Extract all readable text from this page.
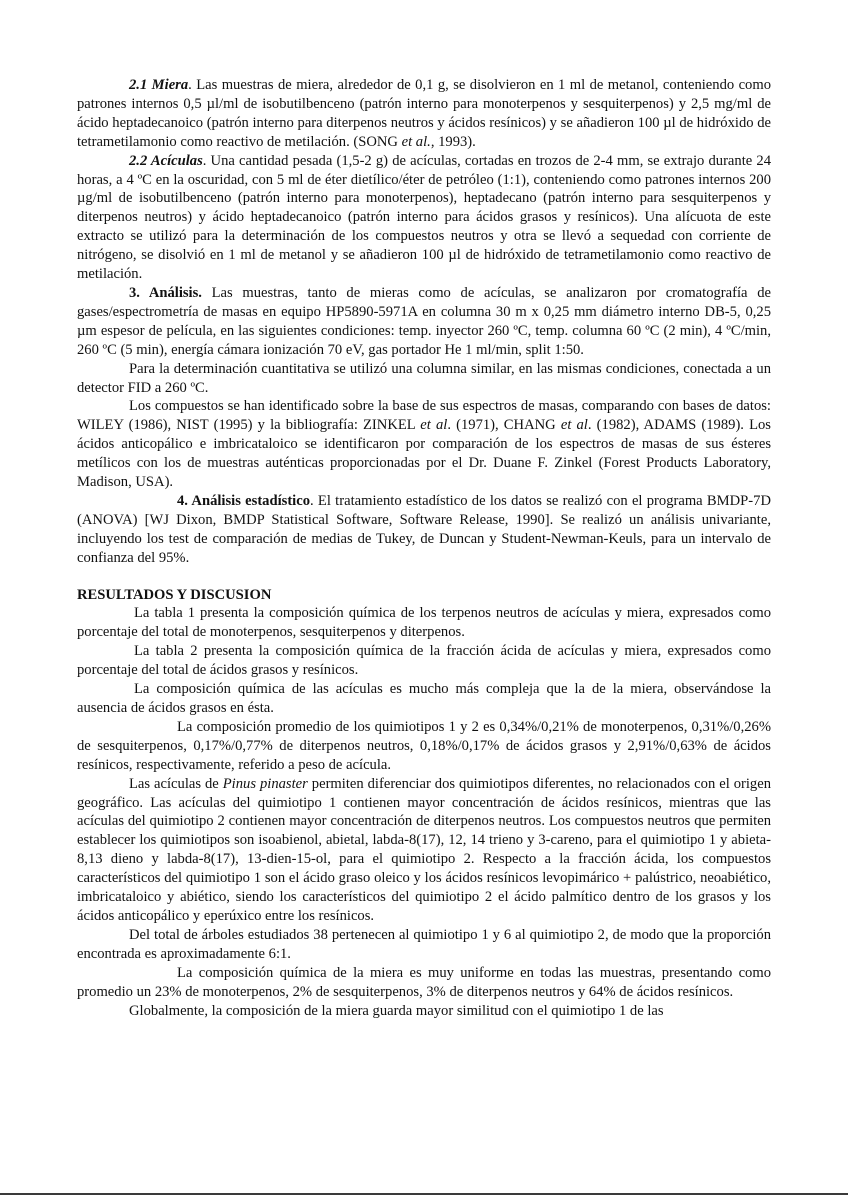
2.1 Miera. Las muestras de miera, alrededor de 0,1 g, se disolvieron en 1 ml de metanol, conteniendo como patrones internos 0,5 µl/ml de isobutilbenceno (patrón interno para monoterpenos y sesquiterpenos) y 2,5 mg/ml de ácido heptadecanoico (patrón interno para diterpenos neutros y ácidos resínicos) y se añadieron 100 µl de hidróxido de tetrametilamonio como reactivo de metilación. (SONG et al., 1993).

2.2 Acículas. Una cantidad pesada (1,5-2 g) de acículas, cortadas en trozos de 2-4 mm, se extrajo durante 24 horas, a 4 ºC en la oscuridad, con 5 ml de éter dietílico/éter de petróleo (1:1), conteniendo como patrones internos 200 µg/ml de isobutilbenceno (patrón interno para monoterpenos), heptadecano (patrón interno para sesquiterpenos y diterpenos neutros) y ácido heptadecanoico (patrón interno para ácidos grasos y resínicos). Una alícuota de este extracto se utilizó para la determinación de los compuestos neutros y otra se llevó a sequedad con corriente de nitrógeno, se disolvió en 1 ml de metanol y se añadieron 100 µl de hidróxido de tetrametilamonio como reactivo de metilación.

3. Análisis. Las muestras, tanto de mieras como de acículas, se analizaron por cromatografía de gases/espectrometría de masas en equipo HP5890-5971A en columna 30 m x 0,25 mm diámetro interno DB-5, 0,25 µm espesor de película, en las siguientes condiciones: temp. inyector 260 ºC, temp. columna 60 ºC (2 min), 4 ºC/min, 260 ºC (5 min), energía cámara ionización 70 eV, gas portador He 1 ml/min, split 1:50.

Para la determinación cuantitativa se utilizó una columna similar, en las mismas condiciones, conectada a un detector FID a 260 ºC.

Los compuestos se han identificado sobre la base de sus espectros de masas, comparando con bases de datos: WILEY (1986), NIST (1995) y la bibliografía: ZINKEL et al. (1971), CHANG et al. (1982), ADAMS (1989). Los ácidos anticopálico e imbricataloico se identificaron por comparación de los espectros de masas de sus ésteres metílicos con los de muestras auténticas proporcionadas por el Dr. Duane F. Zinkel (Forest Products Laboratory, Madison, USA).

4. Análisis estadístico. El tratamiento estadístico de los datos se realizó con el programa BMDP-7D (ANOVA) [WJ Dixon, BMDP Statistical Software, Software Release, 1990]. Se realizó un análisis univariante, incluyendo los test de comparación de medias de Tukey, de Duncan y Student-Newman-Keuls, para un intervalo de confianza del 95%.

RESULTADOS Y DISCUSION

La tabla 1 presenta la composición química de los terpenos neutros de acículas y miera, expresados como porcentaje del total de monoterpenos, sesquiterpenos y diterpenos.

La tabla 2 presenta la composición química de la fracción ácida de acículas y miera, expresados como porcentaje del total de ácidos grasos y resínicos.

La composición química de las acículas es mucho más compleja que la de la miera, observándose la ausencia de ácidos grasos en ésta.

La composición promedio de los quimiotipos 1 y 2 es 0,34%/0,21% de monoterpenos, 0,31%/0,26% de sesquiterpenos, 0,17%/0,77% de diterpenos neutros, 0,18%/0,17% de ácidos grasos y 2,91%/0,63% de ácidos resínicos, respectivamente, referido a peso de acícula.

Las acículas de Pinus pinaster permiten diferenciar dos quimiotipos diferentes, no relacionados con el origen geográfico. Las acículas del quimiotipo 1 contienen mayor concentración de ácidos resínicos, mientras que las acículas del quimiotipo 2 contienen mayor concentración de diterpenos neutros. Los compuestos neutros que permiten establecer los quimiotipos son isoabienol, abietal, labda-8(17), 12, 14 trieno y 3-careno, para el quimiotipo 1 y abieta-8,13 dieno y labda-8(17), 13-dien-15-ol, para el quimiotipo 2. Respecto a la fracción ácida, los compuestos característicos del quimiotipo 1 son el ácido graso oleico y los ácidos resínicos levopimárico + palústrico, neoabiético, imbricataloico y abiético, siendo los característicos del quimiotipo 2 el ácido palmítico dentro de los grasos y los ácidos anticopálico y eperúxico entre los resínicos.

Del total de árboles estudiados 38 pertenecen al quimiotipo 1 y 6 al quimiotipo 2, de modo que la proporción encontrada es aproximadamente 6:1.

La composición química de la miera es muy uniforme en todas las muestras, presentando como promedio un 23% de monoterpenos, 2% de sesquiterpenos, 3% de diterpenos neutros y 64% de ácidos resínicos.

Globalmente, la composición de la miera guarda mayor similitud con el quimiotipo 1 de las
